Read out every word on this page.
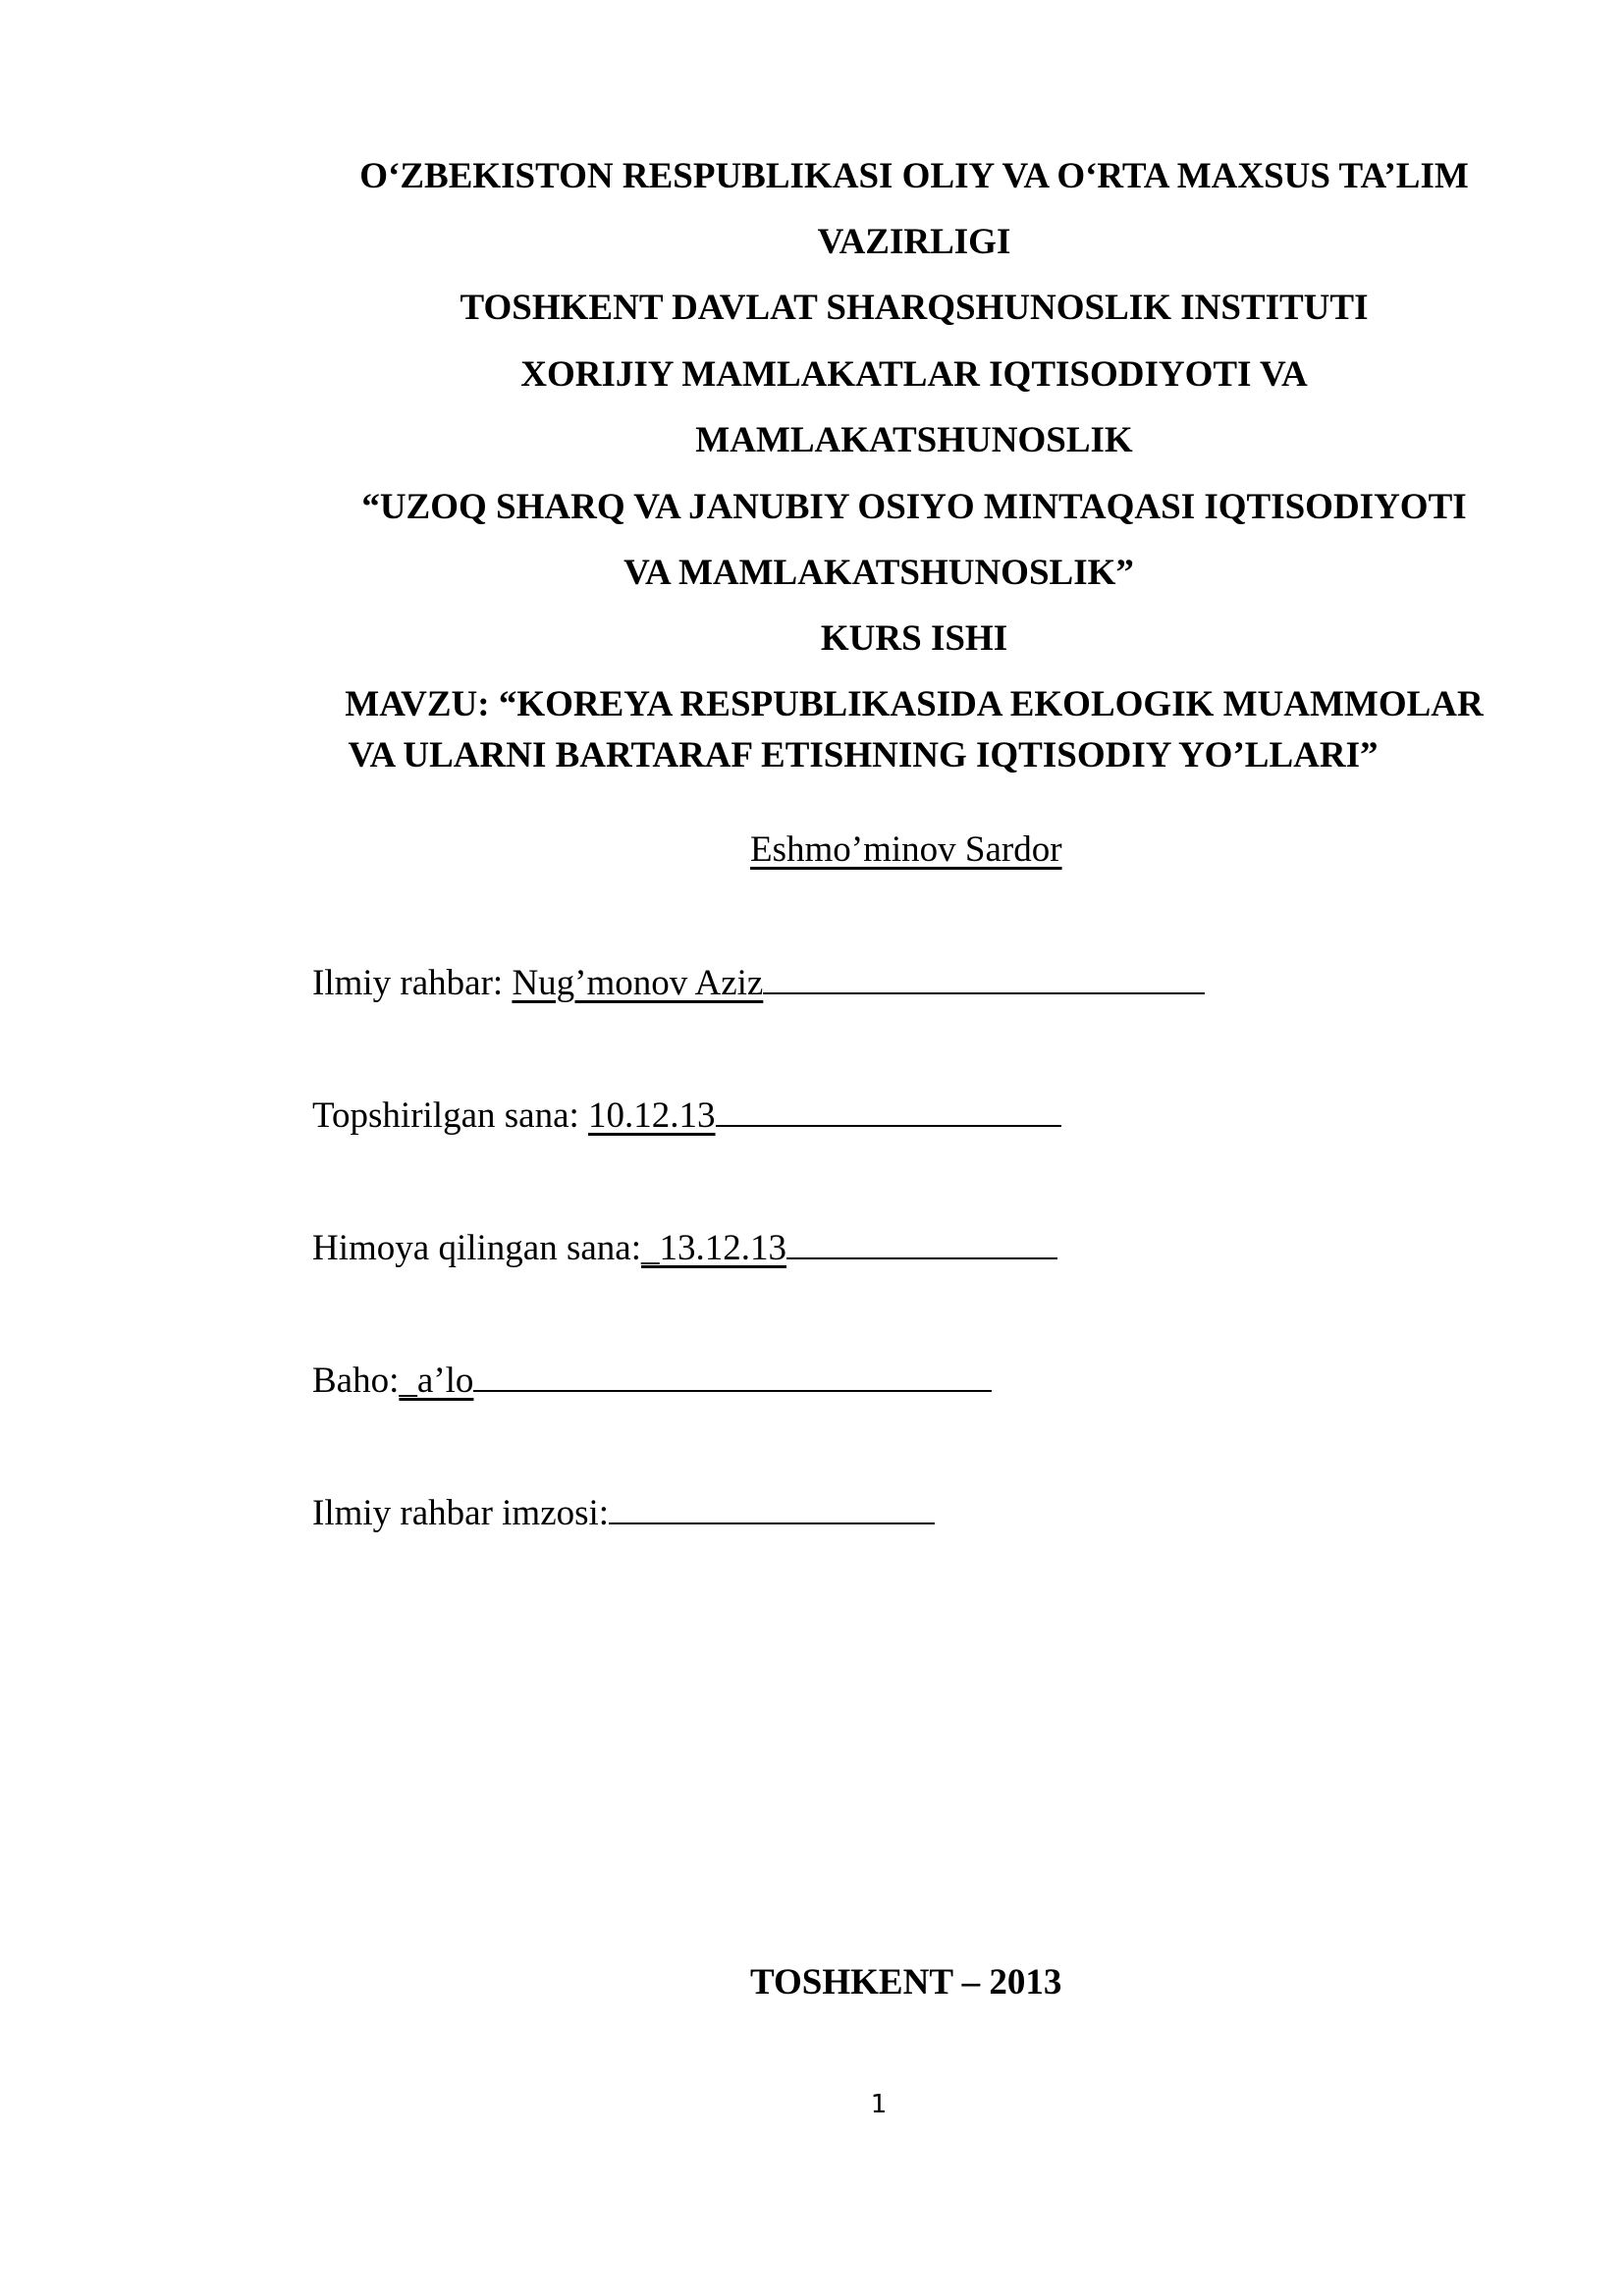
O‘ZBEKISTON RESPUBLIKASI OLIY VA O‘RTA MAXSUS TA’LIM
VAZIRLIGI
TOSHKENT DAVLAT SHARQSHUNOSLIK INSTITUTI
XORIJIY MAMLAKATLAR IQTISODIYOTI VA
MAMLAKATSHUNOSLIK
“UZOQ SHARQ VA JANUBIY OSIYO MINTAQASI IQTISODIYOTI
VA MAMLAKATSHUNOSLIK”
KURS ISHI
MAVZU: “KOREYA RESPUBLIKASIDA EKOLOGIK MUAMMOLAR
VA ULARNI BARTARAF ETISHNING IQTISODIY YO’LLARI”
Eshmo’minov Sardor
Ilmiy rahbar: Nug’monov Aziz
Topshirilgan sana: 10.12.13
Himoya qilingan sana:_13.12.13
Baho:_a’lo
Ilmiy rahbar imzosi:
TOSHKENT – 2013
1
